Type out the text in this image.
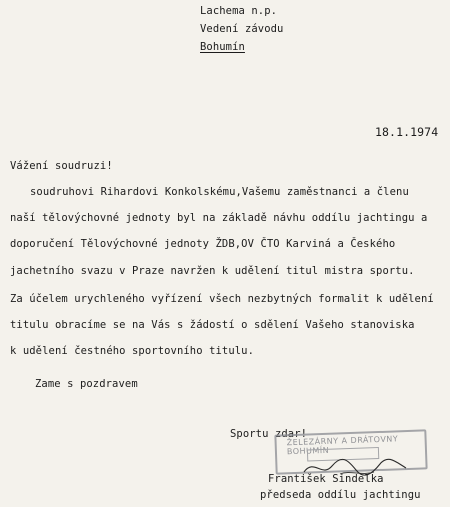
Lachema n.p.
Vedení závodu
Bohumín
18.1.1974
Vážení soudruzi!
soudruhovi Rihardovi Konkolskému,Vašemu zaměstnanci a členu
naší tělovýchovné jednoty byl na základě návhu oddílu jachtingu a
doporučení Tělovýchovné jednoty ŽDB,OV ČTO Karviná a Českého
jachetního svazu v Praze navržen k udělení titul mistra sportu.
Za účelem urychleného vyřízení všech nezbytných formalit k udělení
titulu obracíme se na Vás s žádostí o sdělení Vašeho stanoviska
k udělení čestného sportovního titulu.
Zame s pozdravem
Sportu zdar!
ŽELEZÁRNY A DRÁTOVNY BOHUMÍN
František Sindelka
předseda oddílu jachtingu
